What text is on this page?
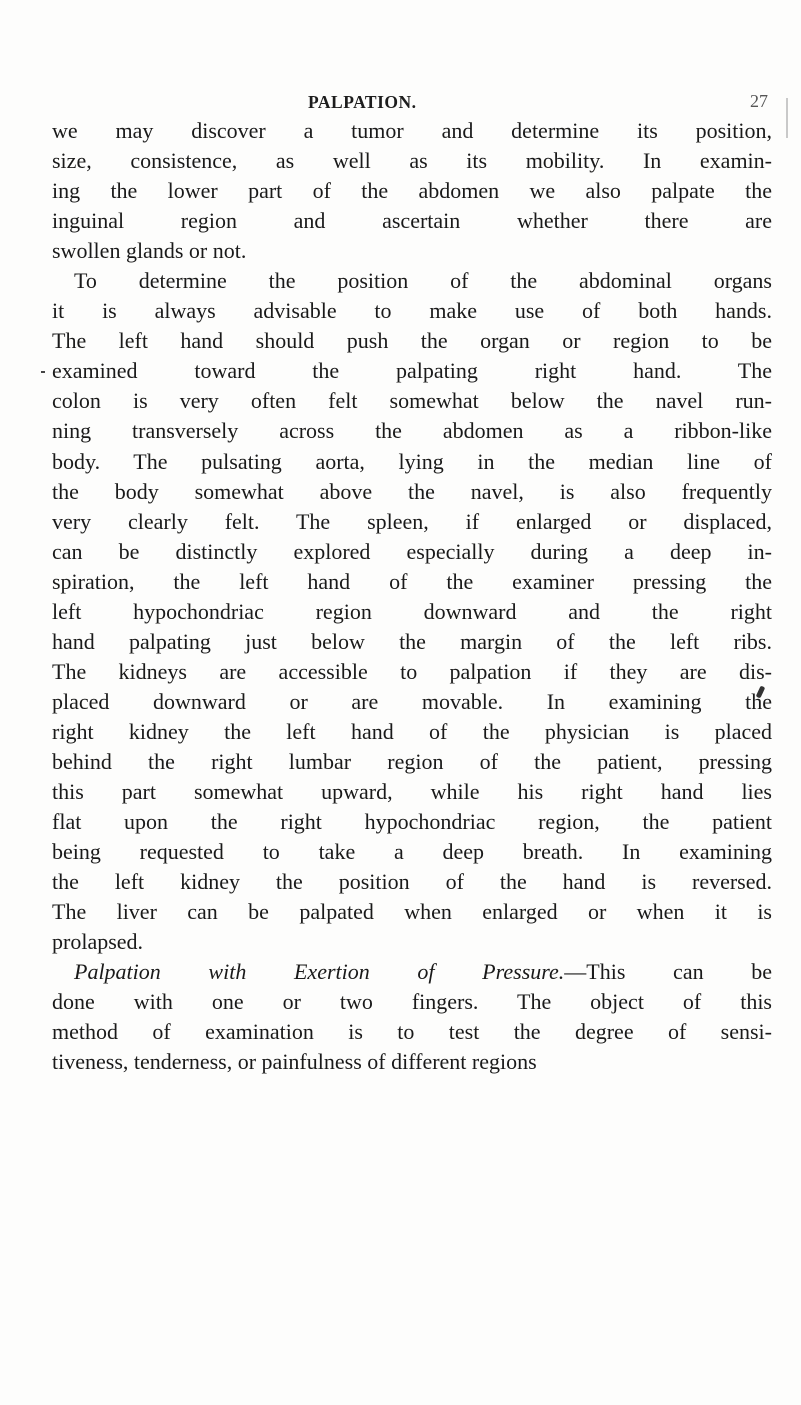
PALPATION.	27
we may discover a tumor and determine its position,
size, consistence, as well as its mobility. In examin-
ing the lower part of the abdomen we also palpate the
inguinal region and ascertain whether there are
swollen glands or not.
To determine the position of the abdominal organs
it is always advisable to make use of both hands.
The left hand should push the organ or region to be
examined toward the palpating right hand. The
colon is very often felt somewhat below the navel run-
ning transversely across the abdomen as a ribbon-like
body. The pulsating aorta, lying in the median line of
the body somewhat above the navel, is also frequently
very clearly felt. The spleen, if enlarged or displaced,
can be distinctly explored especially during a deep in-
spiration, the left hand of the examiner pressing the
left hypochondriac region downward and the right
hand palpating just below the margin of the left ribs.
The kidneys are accessible to palpation if they are dis-
placed downward or are movable. In examining the
right kidney the left hand of the physician is placed
behind the right lumbar region of the patient, pressing
this part somewhat upward, while his right hand lies
flat upon the right hypochondriac region, the patient
being requested to take a deep breath. In examining
the left kidney the position of the hand is reversed.
The liver can be palpated when enlarged or when it is
prolapsed.
Palpation with Exertion of Pressure.—This can be
done with one or two fingers. The object of this
method of examination is to test the degree of sensi-
tiveness, tenderness, or painfulness of different regions
